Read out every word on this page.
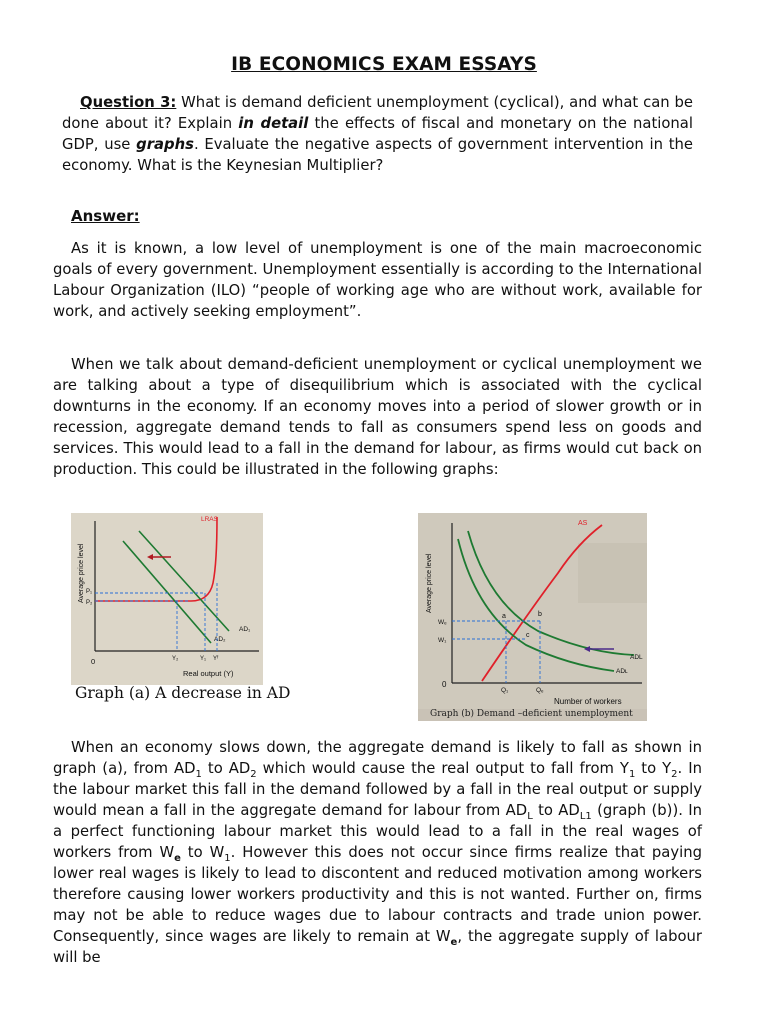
IB ECONOMICS EXAM ESSAYS
Question 3: What is demand deficient unemployment (cyclical), and what can be done about it? Explain in detail the effects of fiscal and monetary on the national GDP, use graphs. Evaluate the negative aspects of government intervention in the economy. What is the Keynesian Multiplier?
Answer:
As it is known, a low level of unemployment is one of the main macroeconomic goals of every government. Unemployment essentially is according to the International Labour Organization (ILO) “people of working age who are without work, available for work, and actively seeking employment”.
When we talk about demand-deficient unemployment or cyclical unemployment we are talking about a type of disequilibrium which is associated with the cyclical downturns in the economy. If an economy moves into a period of slower growth or in recession, aggregate demand tends to fall as consumers spend less on goods and services. This would lead to a fall in the demand for labour, as firms would cut back on production. This could be illustrated in the following graphs:
Average price level
Real output (Y)
0
LRAS
AD₁
AD₂
P₁
P₂
Y₂	Y₁ Yᶠ
Graph (a) A decrease in AD
Average price level
Number of workers
0
AS
ADL
ADʟ
Wₑ
W₁
Q₁	Qₑ
a	b
c
Graph (b) Demand –deficient unemployment
When an economy slows down, the aggregate demand is likely to fall as shown in graph (a), from $AD_1$ to $AD_2$ which would cause the real output to fall from $Y_1$ to $Y_2$. In the labour market this fall in the demand followed by a fall in the real output or supply would mean a fall in the aggregate demand for labour from $AD_L$ to $AD_{L1}$ (graph (b)). In a perfect functioning labour market this would lead to a fall in the real wages of workers from $W_e$ to $W_1$. However this does not occur since firms realize that paying lower real wages is likely to lead to discontent and reduced motivation among workers therefore causing lower workers productivity and this is not wanted. Further on, firms may not be able to reduce wages due to labour contracts and trade union power. Consequently, since wages are likely to remain at $W_e$, the aggregate supply of labour will be
